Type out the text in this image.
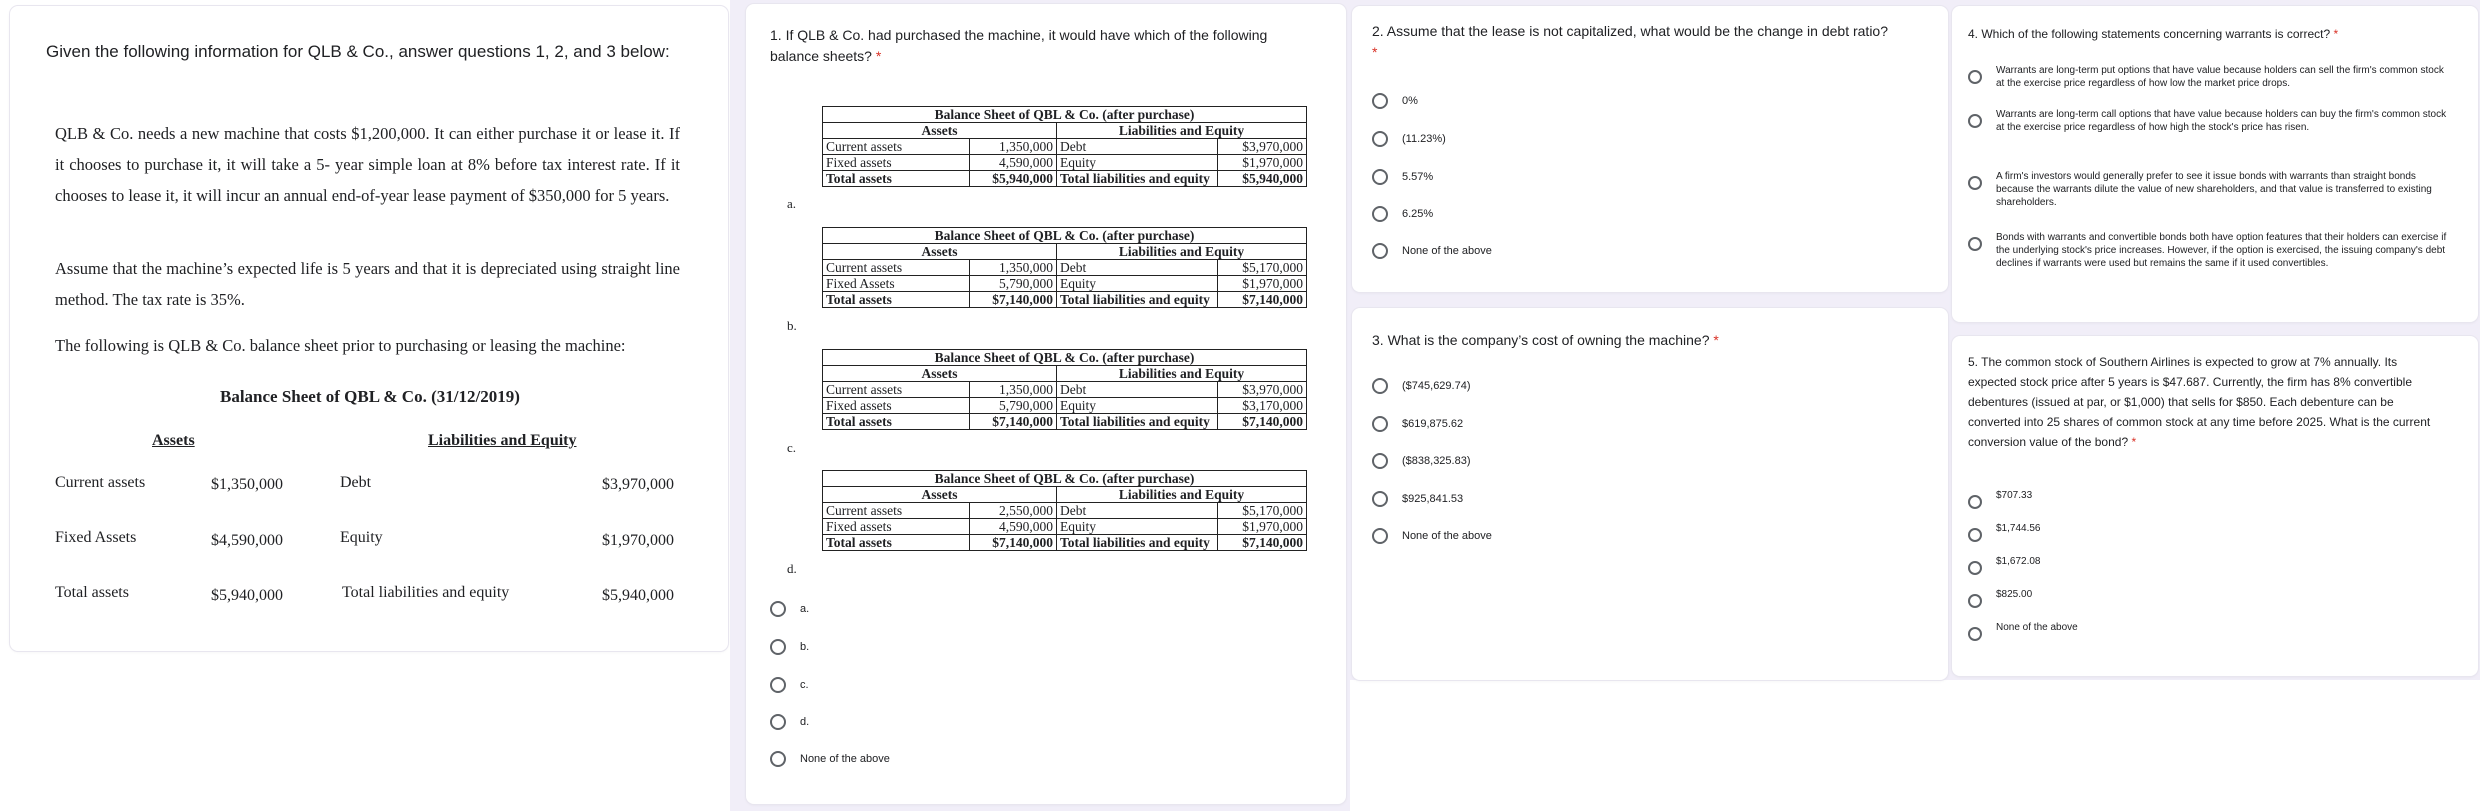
Given the following information for QLB & Co., answer questions 1, 2, and 3 below:
QLB & Co. needs a new machine that costs $1,200,000. It can either purchase it or lease it. If it chooses to purchase it, it will take a 5- year simple loan at 8% before tax interest rate. If it chooses to lease it, it will incur an annual end-of-year lease payment of $350,000 for 5 years.
Assume that the machine’s expected life is 5 years and that it is depreciated using straight line method. The tax rate is 35%.
The following is QLB & Co. balance sheet prior to purchasing or leasing the machine:
Balance Sheet of QBL & Co. (31/12/2019)
Assets	Liabilities and Equity
Current assets	$1,350,000	Debt	$3,970,000
Fixed Assets	$4,590,000	Equity	$1,970,000
Total assets	$5,940,000	Total liabilities and equity	$5,940,000
1. If QLB & Co. had purchased the machine, it would have which of the following balance sheets? *
Balance Sheet of QBL & Co. (after purchase)			
Assets		Liabilities and Equity	
Current assets	1,350,000	Debt	$3,970,000
Fixed assets	4,590,000	Equity	$1,970,000
Total assets	$5,940,000	Total liabilities and equity	$5,940,000
a.
Balance Sheet of QBL & Co. (after purchase)			
Assets		Liabilities and Equity	
Current assets	1,350,000	Debt	$5,170,000
Fixed Assets	5,790,000	Equity	$1,970,000
Total assets	$7,140,000	Total liabilities and equity	$7,140,000
b.
Balance Sheet of QBL & Co. (after purchase)			
Assets		Liabilities and Equity	
Current assets	1,350,000	Debt	$3,970,000
Fixed assets	5,790,000	Equity	$3,170,000
Total assets	$7,140,000	Total liabilities and equity	$7,140,000
c.
Balance Sheet of QBL & Co. (after purchase)			
Assets		Liabilities and Equity	
Current assets	2,550,000	Debt	$5,170,000
Fixed assets	4,590,000	Equity	$1,970,000
Total assets	$7,140,000	Total liabilities and equity	$7,140,000
d.
a.
b.
c.
d.
None of the above
2. Assume that the lease is not capitalized, what would be the change in debt ratio? *
0%
(11.23%)
5.57%
6.25%
None of the above
3. What is the company’s cost of owning the machine? *
($745,629.74)
$619,875.62
($838,325.83)
$925,841.53
None of the above
4. Which of the following statements concerning warrants is correct? *
Warrants are long-term put options that have value because holders can sell the firm's common stock at the exercise price regardless of how low the market price drops.
Warrants are long-term call options that have value because holders can buy the firm's common stock at the exercise price regardless of how high the stock's price has risen.
A firm's investors would generally prefer to see it issue bonds with warrants than straight bonds because the warrants dilute the value of new shareholders, and that value is transferred to existing shareholders.
Bonds with warrants and convertible bonds both have option features that their holders can exercise if the underlying stock's price increases. However, if the option is exercised, the issuing company's debt declines if warrants were used but remains the same if it used convertibles.
5. The common stock of Southern Airlines is expected to grow at 7% annually. Its expected stock price after 5 years is $47.687. Currently, the firm has 8% convertible debentures (issued at par, or $1,000) that sells for $850. Each debenture can be converted into 25 shares of common stock at any time before 2025. What is the current conversion value of the bond? *
$707.33
$1,744.56
$1,672.08
$825.00
None of the above
